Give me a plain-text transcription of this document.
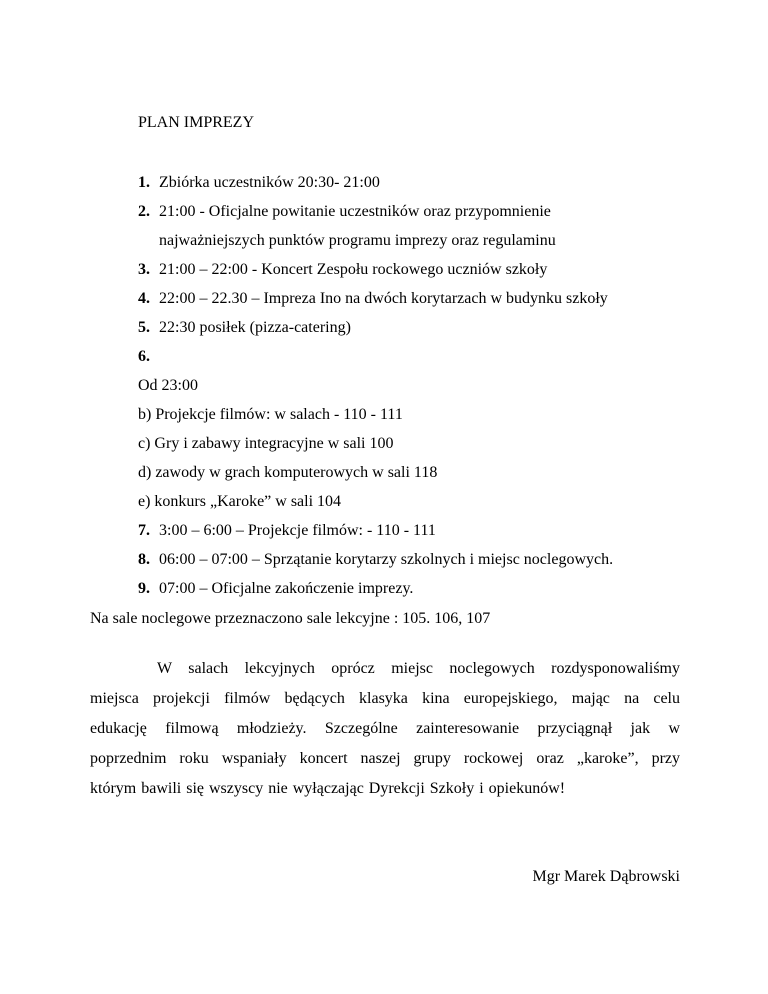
PLAN IMPREZY
1. Zbiórka uczestników 20:30- 21:00
2. 21:00 - Oficjalne powitanie uczestników oraz przypomnienie
najważniejszych punktów programu imprezy oraz regulaminu
3. 21:00 – 22:00 - Koncert Zespołu rockowego uczniów szkoły
4. 22:00 – 22.30 – Impreza Ino na dwóch korytarzach w budynku szkoły
5. 22:30 posiłek (pizza-catering)
6.
Od 23:00
b) Projekcje filmów: w salach - 110 - 111
c) Gry i zabawy integracyjne w sali 100
d) zawody w grach komputerowych w sali 118
e) konkurs „Karoke” w sali 104
7. 3:00 – 6:00 – Projekcje filmów: - 110 - 111
8. 06:00 – 07:00 – Sprzątanie korytarzy szkolnych i miejsc noclegowych.
9. 07:00 – Oficjalne zakończenie imprezy.
Na sale noclegowe przeznaczono sale lekcyjne : 105. 106, 107
W salach lekcyjnych oprócz miejsc noclegowych rozdysponowaliśmy
miejsca projekcji filmów będących klasyka kina europejskiego, mając na celu
edukację filmową młodzieży. Szczególne zainteresowanie przyciągnął jak w
poprzednim roku wspaniały koncert naszej grupy rockowej oraz „karoke”, przy
którym bawili się wszyscy nie wyłączając Dyrekcji Szkoły i opiekunów!
Mgr Marek Dąbrowski
